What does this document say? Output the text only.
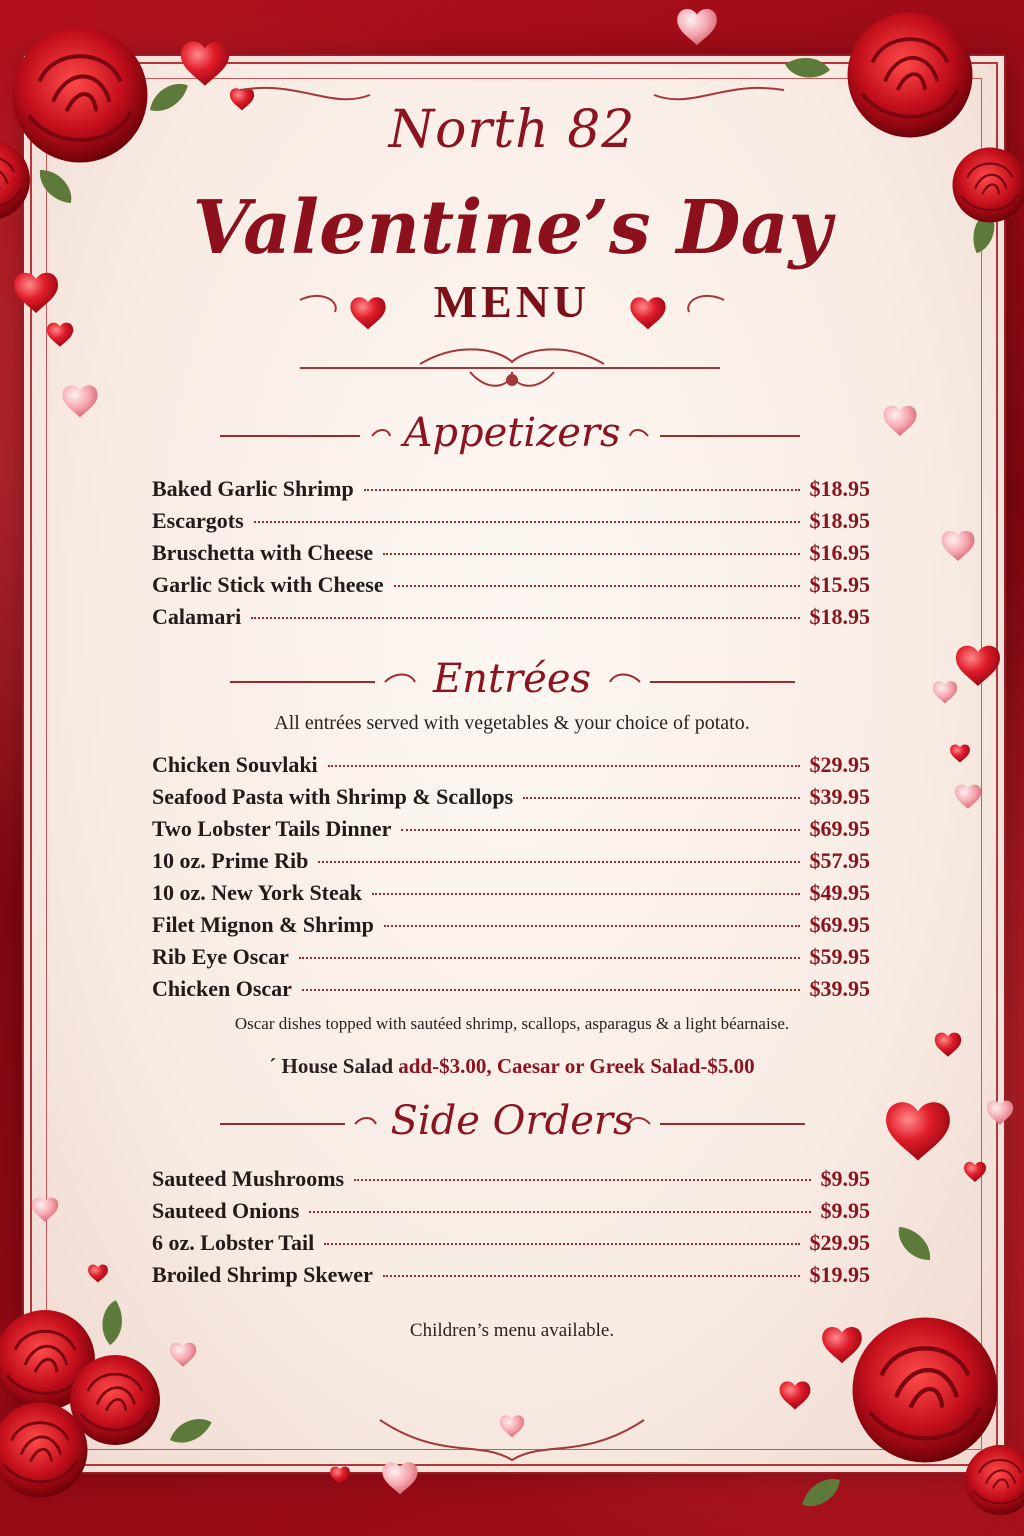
North 82
Valentine’s Day
MENU
Appetizers
Baked Garlic Shrimp	$18.95
Escargots	$18.95
Bruschetta with Cheese	$16.95
Garlic Stick with Cheese	$15.95
Calamari	$18.95
Entrées
All entrées served with vegetables & your choice of potato.
Chicken Souvlaki	$29.95
Seafood Pasta with Shrimp & Scallops	$39.95
Two Lobster Tails Dinner	$69.95
10 oz. Prime Rib	$57.95
10 oz. New York Steak	$49.95
Filet Mignon & Shrimp	$69.95
Rib Eye Oscar	$59.95
Chicken Oscar	$39.95
Oscar dishes topped with sautéed shrimp, scallops, asparagus & a light béarnaise.
´ House Salad add-$3.00, Caesar or Greek Salad-$5.00
Side Orders
Sauteed Mushrooms	$9.95
Sauteed Onions	$9.95
6 oz. Lobster Tail	$29.95
Broiled Shrimp Skewer	$19.95
Children’s menu available.
